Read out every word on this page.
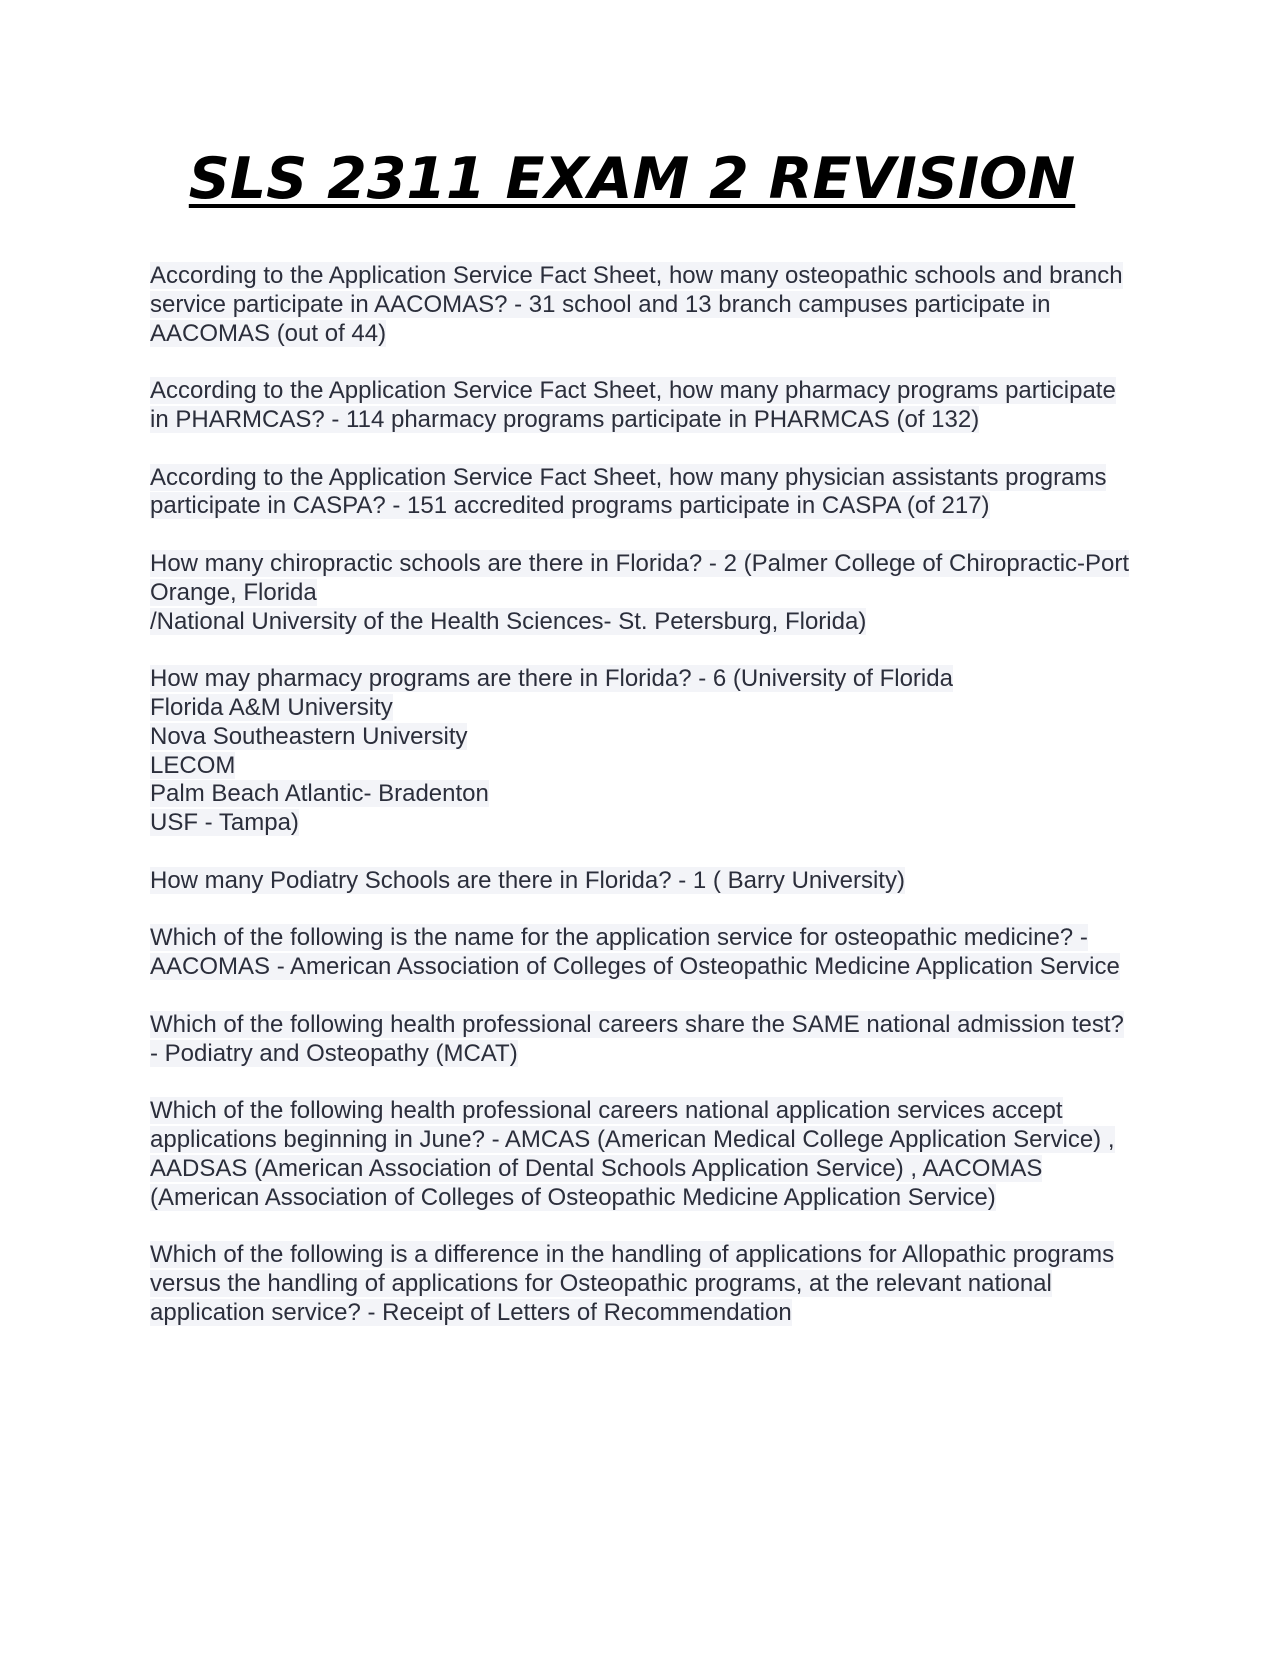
SLS 2311 EXAM 2 REVISION

According to the Application Service Fact Sheet, how many osteopathic schools and branch service participate in AACOMAS? - 31 school and 13 branch campuses participate in AACOMAS (out of 44)

According to the Application Service Fact Sheet, how many pharmacy programs participate in PHARMCAS? - 114 pharmacy programs participate in PHARMCAS (of 132)

According to the Application Service Fact Sheet, how many physician assistants programs participate in CASPA? - 151 accredited programs participate in CASPA (of 217)

How many chiropractic schools are there in Florida? - 2 (Palmer College of Chiropractic-Port Orange, Florida
/National University of the Health Sciences- St. Petersburg, Florida)

How may pharmacy programs are there in Florida? - 6 (University of Florida
Florida A&M University
Nova Southeastern University
LECOM
Palm Beach Atlantic- Bradenton
USF - Tampa)

How many Podiatry Schools are there in Florida? - 1 ( Barry University)

Which of the following is the name for the application service for osteopathic medicine? - AACOMAS - American Association of Colleges of Osteopathic Medicine Application Service

Which of the following health professional careers share the SAME national admission test? - Podiatry and Osteopathy (MCAT)

Which of the following health professional careers national application services accept applications beginning in June? - AMCAS (American Medical College Application Service) , AADSAS (American Association of Dental Schools Application Service) , AACOMAS (American Association of Colleges of Osteopathic Medicine Application Service)

Which of the following is a difference in the handling of applications for Allopathic programs versus the handling of applications for Osteopathic programs, at the relevant national application service? - Receipt of Letters of Recommendation
